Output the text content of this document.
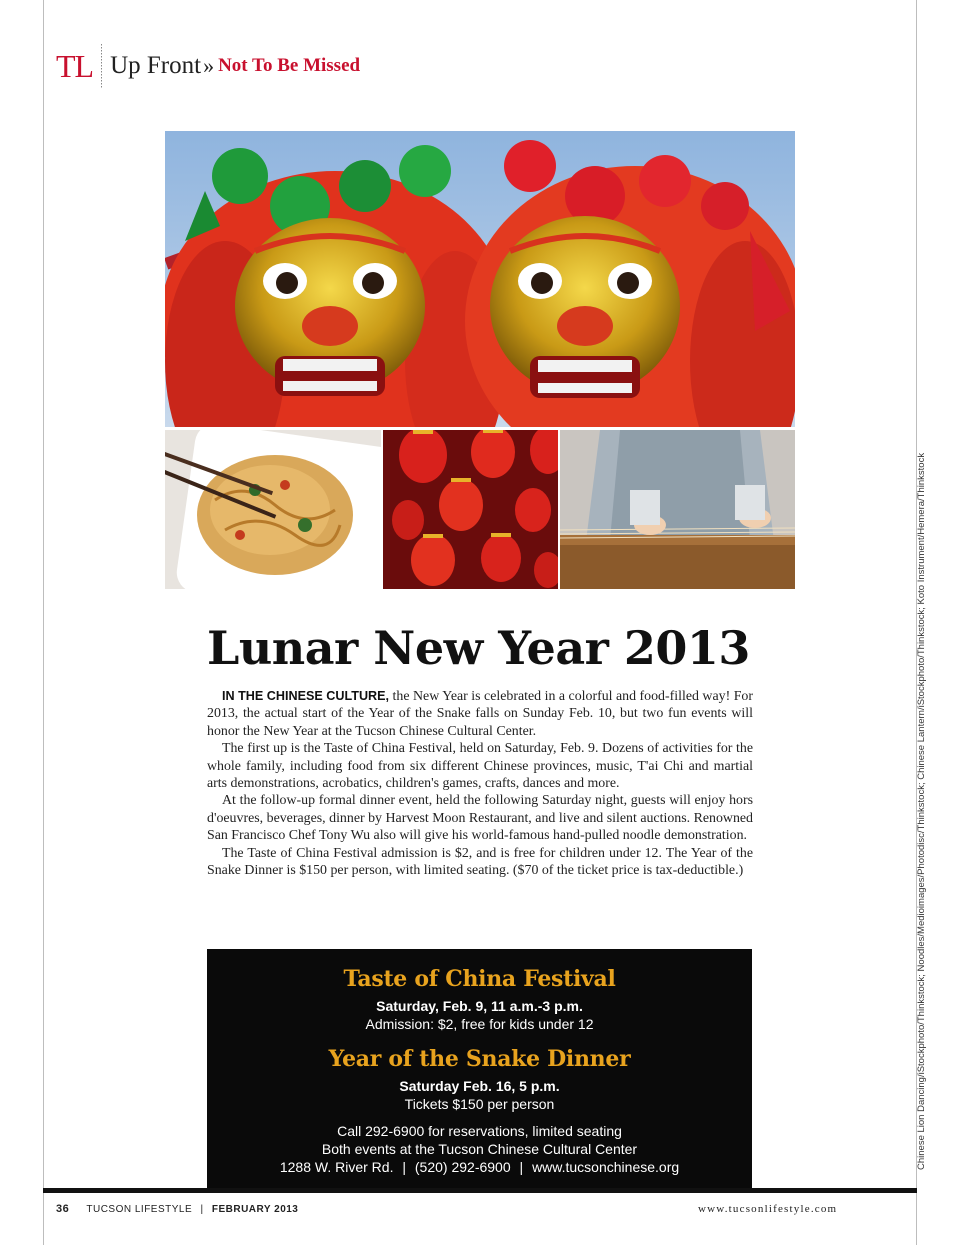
TL Up Front » Not To Be Missed
Chinese Lion Dancing/iStockphoto/Thinkstock; Noodles/Medioimages/Photodisc/Thinkstock; Chinese Lantern/iStockphoto/Thinkstock; Koto Instrument/Hemera/Thinkstock
Lunar New Year 2013

IN THE CHINESE CULTURE, the New Year is celebrated in a colorful and food-filled way! For 2013, the actual start of the Year of the Snake falls on Sunday Feb. 10, but two fun events will honor the New Year at the Tucson Chinese Cultural Center.

The first up is the Taste of China Festival, held on Saturday, Feb. 9. Dozens of activities for the whole family, including food from six different Chinese provinces, music, T'ai Chi and martial arts demonstrations, acrobatics, children's games, crafts, dances and more.

At the follow-up formal dinner event, held the following Saturday night, guests will enjoy hors d'oeuvres, beverages, dinner by Harvest Moon Restaurant, and live and silent auctions. Renowned San Francisco Chef Tony Wu also will give his world-famous hand-pulled noodle demonstration.

The Taste of China Festival admission is $2, and is free for children under 12. The Year of the Snake Dinner is $150 per person, with limited seating. ($70 of the ticket price is tax-deductible.)

Taste of China Festival
Saturday, Feb. 9, 11 a.m.-3 p.m.
Admission: $2, free for kids under 12
Year of the Snake Dinner
Saturday Feb. 16, 5 p.m.
Tickets $150 per person
Call 292-6900 for reservations, limited seating
Both events at the Tucson Chinese Cultural Center
1288 W. River Rd. | (520) 292-6900 | www.tucsonchinese.org
36 TUCSON LIFESTYLE | FEBRUARY 2013	www.tucsonlifestyle.com
